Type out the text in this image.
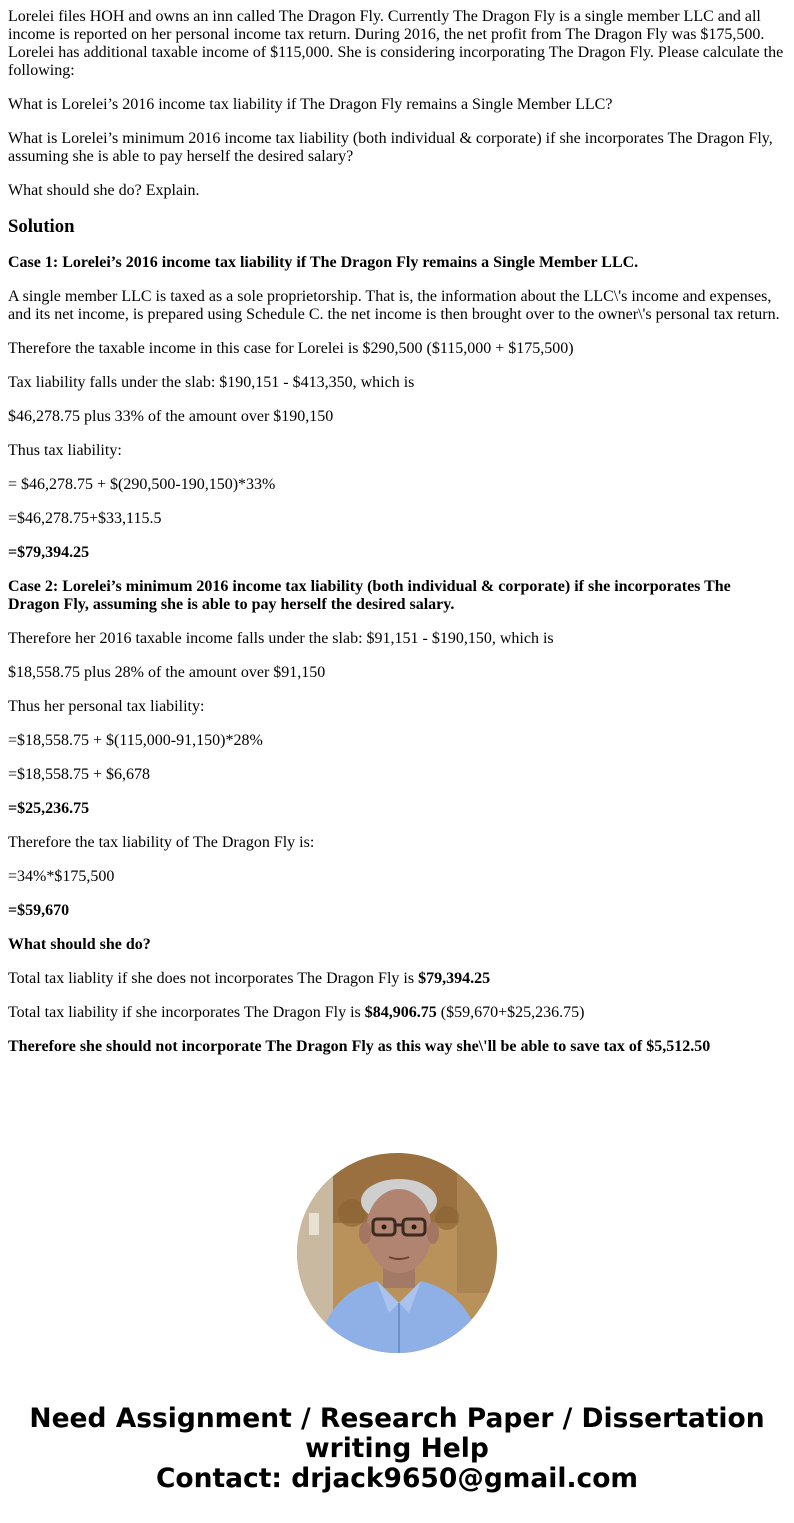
Lorelei files HOH and owns an inn called The Dragon Fly. Currently The Dragon Fly is a single member LLC and all income is reported on her personal income tax return. During 2016, the net profit from The Dragon Fly was $175,500. Lorelei has additional taxable income of $115,000. She is considering incorporating The Dragon Fly. Please calculate the following:

What is Lorelei’s 2016 income tax liability if The Dragon Fly remains a Single Member LLC?

What is Lorelei’s minimum 2016 income tax liability (both individual & corporate) if she incorporates The Dragon Fly, assuming she is able to pay herself the desired salary?

What should she do? Explain.

Solution

Case 1: Lorelei’s 2016 income tax liability if The Dragon Fly remains a Single Member LLC.

A single member LLC is taxed as a sole proprietorship. That is, the information about the LLC\'s income and expenses, and its net income, is prepared using Schedule C. the net income is then brought over to the owner\'s personal tax return.

Therefore the taxable income in this case for Lorelei is $290,500 ($115,000 + $175,500)

Tax liability falls under the slab: $190,151 - $413,350, which is

$46,278.75 plus 33% of the amount over $190,150

Thus tax liability:

= $46,278.75 + $(290,500-190,150)*33%

=$46,278.75+$33,115.5

=$79,394.25

Case 2: Lorelei’s minimum 2016 income tax liability (both individual & corporate) if she incorporates The Dragon Fly, assuming she is able to pay herself the desired salary.

Therefore her 2016 taxable income falls under the slab: $91,151 - $190,150, which is

$18,558.75 plus 28% of the amount over $91,150

Thus her personal tax liability:

=$18,558.75 + $(115,000-91,150)*28%

=$18,558.75 + $6,678

=$25,236.75

Therefore the tax liability of The Dragon Fly is:

=34%*$175,500

=$59,670

What should she do?

Total tax liablity if she does not incorporates The Dragon Fly is $79,394.25

Total tax liability if she incorporates The Dragon Fly is $84,906.75 ($59,670+$25,236.75)

Therefore she should not incorporate The Dragon Fly as this way she\'ll be able to save tax of $5,512.50

Need Assignment / Research Paper / Dissertation
writing Help
Contact: drjack9650@gmail.com
